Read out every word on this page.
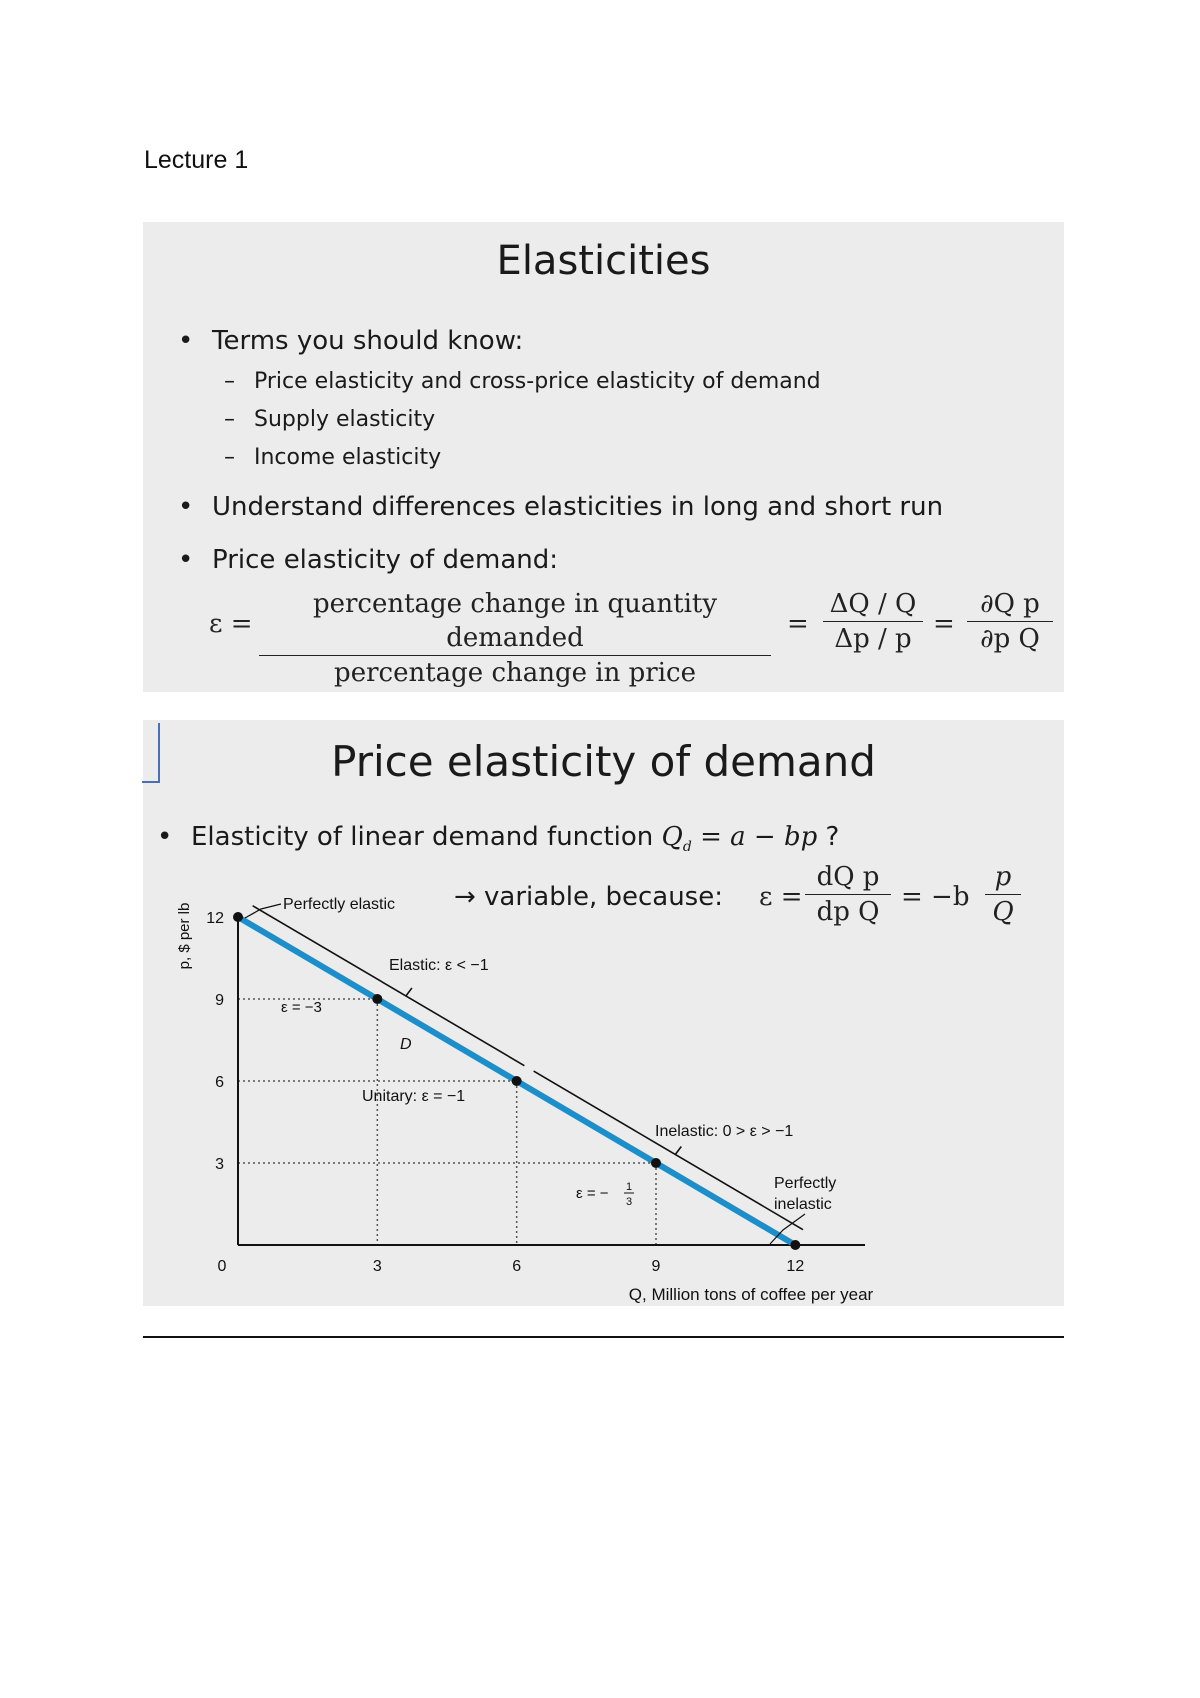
Lecture 1
Elasticities
• Terms you should know:
– Price elasticity and cross-price elasticity of demand
– Supply elasticity
– Income elasticity
• Understand differences elasticities in long and short run
• Price elasticity of demand:
ε =
percentage change in quantity demanded
percentage change in price
= $\frac{\Delta Q / Q}{\Delta p / p} = \frac{\text{∂Q p}}{\text{∂p Q}}$
Price elasticity of demand
• Elasticity of linear demand function $Q_d = a$ − bp ?
→ variable, because: $\varepsilon = \frac{\text{dQ p}}{\text{dp Q}} = -b \frac{p}{Q}$
p, $ per lb
Q, Million tons of coffee per year
0	3	6	9	12
3
6
9
12
D
Perfectly elastic
Elastic: ε < −1
Unitary: ε = −1
Inelastic: 0 > ε > −1
Perfectly
inelastic
ε = −3
ε = − 1
3
